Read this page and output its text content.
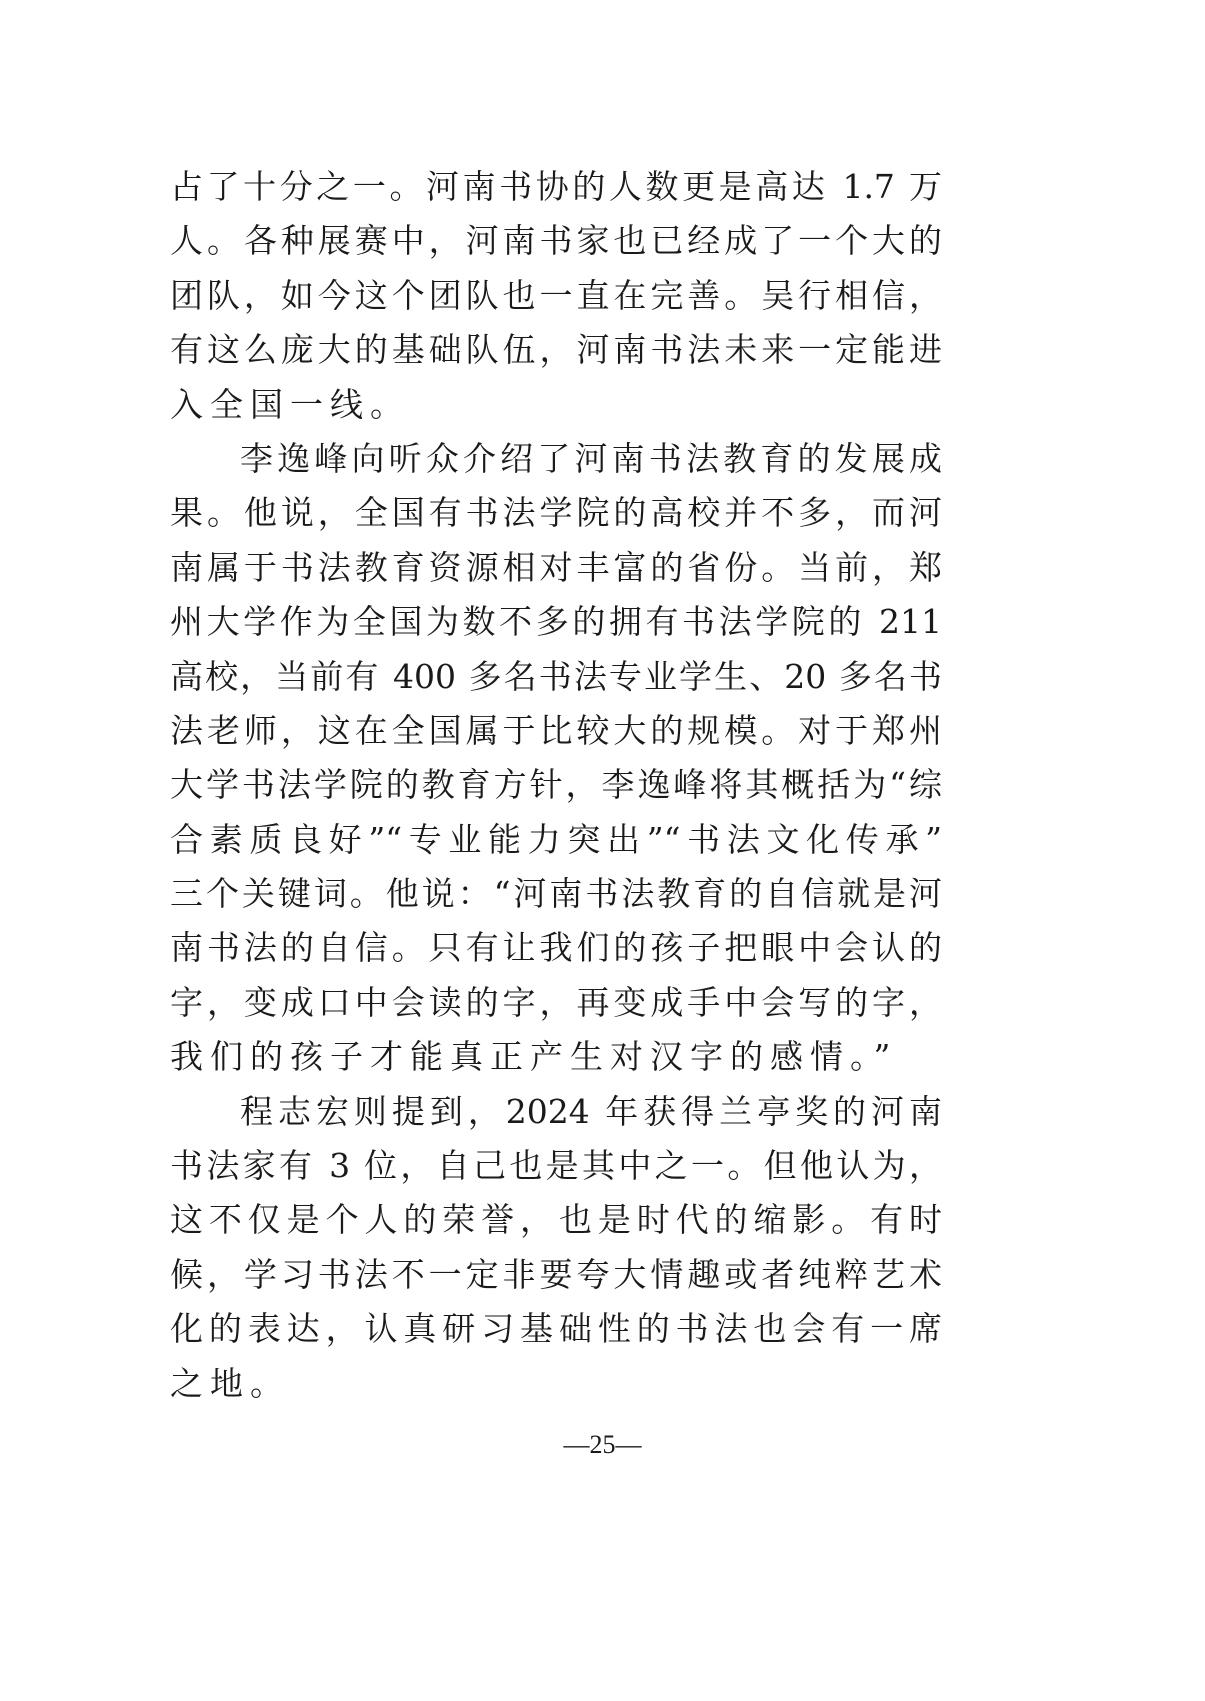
占了十分之一。河南书协的人数更是高达 1.7 万
人。各种展赛中，河南书家也已经成了一个大的
团队，如今这个团队也一直在完善。吴行相信，
有这么庞大的基础队伍，河南书法未来一定能进
入全国一线。
李逸峰向听众介绍了河南书法教育的发展成
果。他说，全国有书法学院的高校并不多，而河
南属于书法教育资源相对丰富的省份。当前，郑
州大学作为全国为数不多的拥有书法学院的 211
高校，当前有 400 多名书法专业学生、20 多名书
法老师，这在全国属于比较大的规模。对于郑州
大学书法学院的教育方针，李逸峰将其概括为“综
合素质良好”“专业能力突出”“书法文化传承”
三个关键词。他说：“河南书法教育的自信就是河
南书法的自信。只有让我们的孩子把眼中会认的
字，变成口中会读的字，再变成手中会写的字，
我们的孩子才能真正产生对汉字的感情。”
程志宏则提到，2024 年获得兰亭奖的河南
书法家有 3 位，自己也是其中之一。但他认为，
这不仅是个人的荣誉，也是时代的缩影。有时
候，学习书法不一定非要夸大情趣或者纯粹艺术
化的表达，认真研习基础性的书法也会有一席
之地。
—25—
